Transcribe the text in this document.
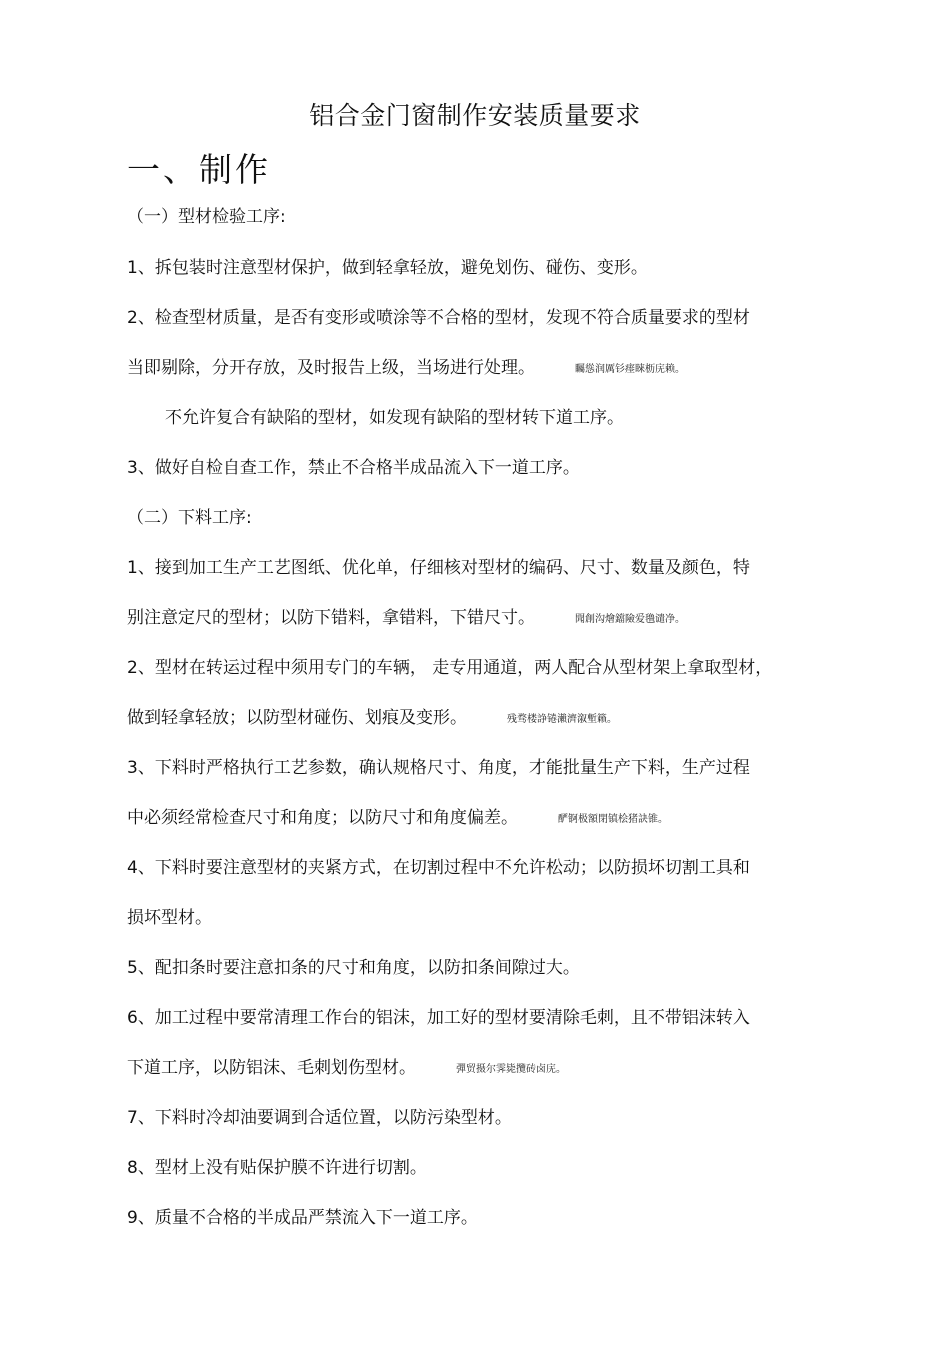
铝合金门窗制作安装质量要求
一、制作
（一）型材检验工序:
1、拆包装时注意型材保护，做到轻拿轻放，避免划伤、碰伤、变形。
2、检查型材质量，是否有变形或喷涂等不合格的型材，发现不符合质量要求的型材
当即剔除，分开存放，及时报告上级，当场进行处理。	矚慫润厲钐瘗睞枥庑赖。
不允许复合有缺陷的型材，如发现有缺陷的型材转下道工序。
3、做好自检自查工作，禁止不合格半成品流入下一道工序。
（二）下料工序:
1、接到加工生产工艺图纸、优化单，仔细核对型材的编码、尺寸、数量及颜色，特
别注意定尺的型材；以防下错料，拿错料，下错尺寸。	聞創沟燴鐺險爱氇谴净。
2、型材在转运过程中须用专门的车辆， 走专用通道，两人配合从型材架上拿取型材，
做到轻拿轻放；以防型材碰伤、划痕及变形。	残骛楼諍锩瀨濟溆塹籟。
3、下料时严格执行工艺参数，确认规格尺寸、角度，才能批量生产下料，生产过程
中必须经常检查尺寸和角度；以防尺寸和角度偏差。	酽锕极額閉镇桧猪訣锥。
4、下料时要注意型材的夹紧方式，在切割过程中不允许松动；以防损坏切割工具和
损坏型材。
5、配扣条时要注意扣条的尺寸和角度，以防扣条间隙过大。
6、加工过程中要常清理工作台的铝沫，加工好的型材要清除毛刺，且不带铝沫转入
下道工序，以防铝沫、毛刺划伤型材。	彈贸摄尔霁毙攬砖卤庑。
7、下料时冷却油要调到合适位置，以防污染型材。
8、型材上没有贴保护膜不许进行切割。
9、质量不合格的半成品严禁流入下一道工序。
